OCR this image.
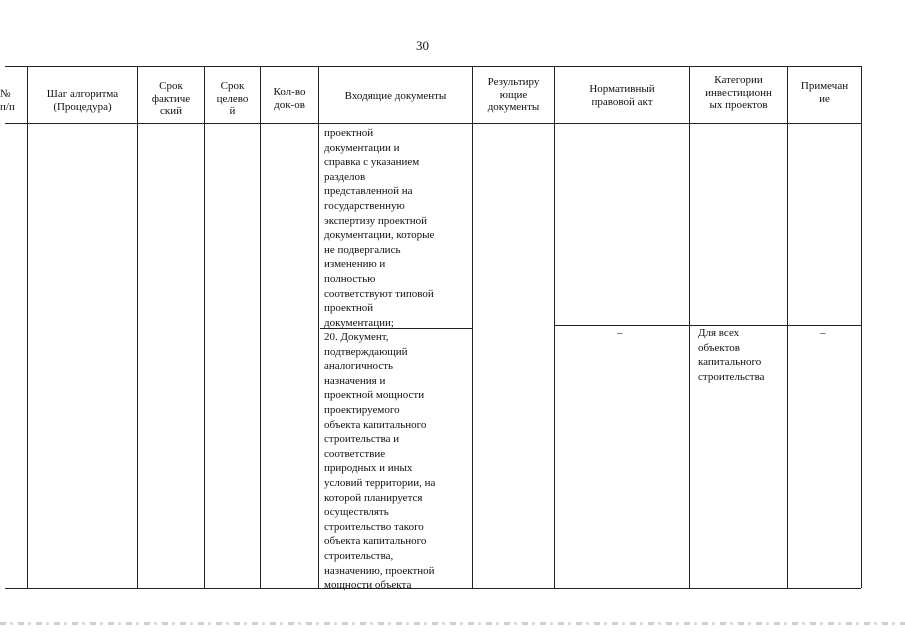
30
№
п/п
Шаг алгоритма
(Процедура)
Срок
фактиче
ский
Срок
целево
й
Кол-во
док-ов
Входящие документы
Результиру
ющие
документы
Нормативный
правовой акт
Категории
инвестиционн
ых проектов
Примечан
ие
проектной
документации и
справка с указанием
разделов
представленной на
государственную
экспертизу проектной
документации, которые
не подвергались
изменению и
полностью
соответствуют типовой
проектной
документации;
20. Документ,
подтверждающий
аналогичность
назначения и
проектной мощности
проектируемого
объекта капитального
строительства и
соответствие
природных и иных
условий территории, на
которой планируется
осуществлять
строительство такого
объекта капитального
строительства,
назначению, проектной
мощности объекта
–	Для всех
объектов
капитального
строительства
–
